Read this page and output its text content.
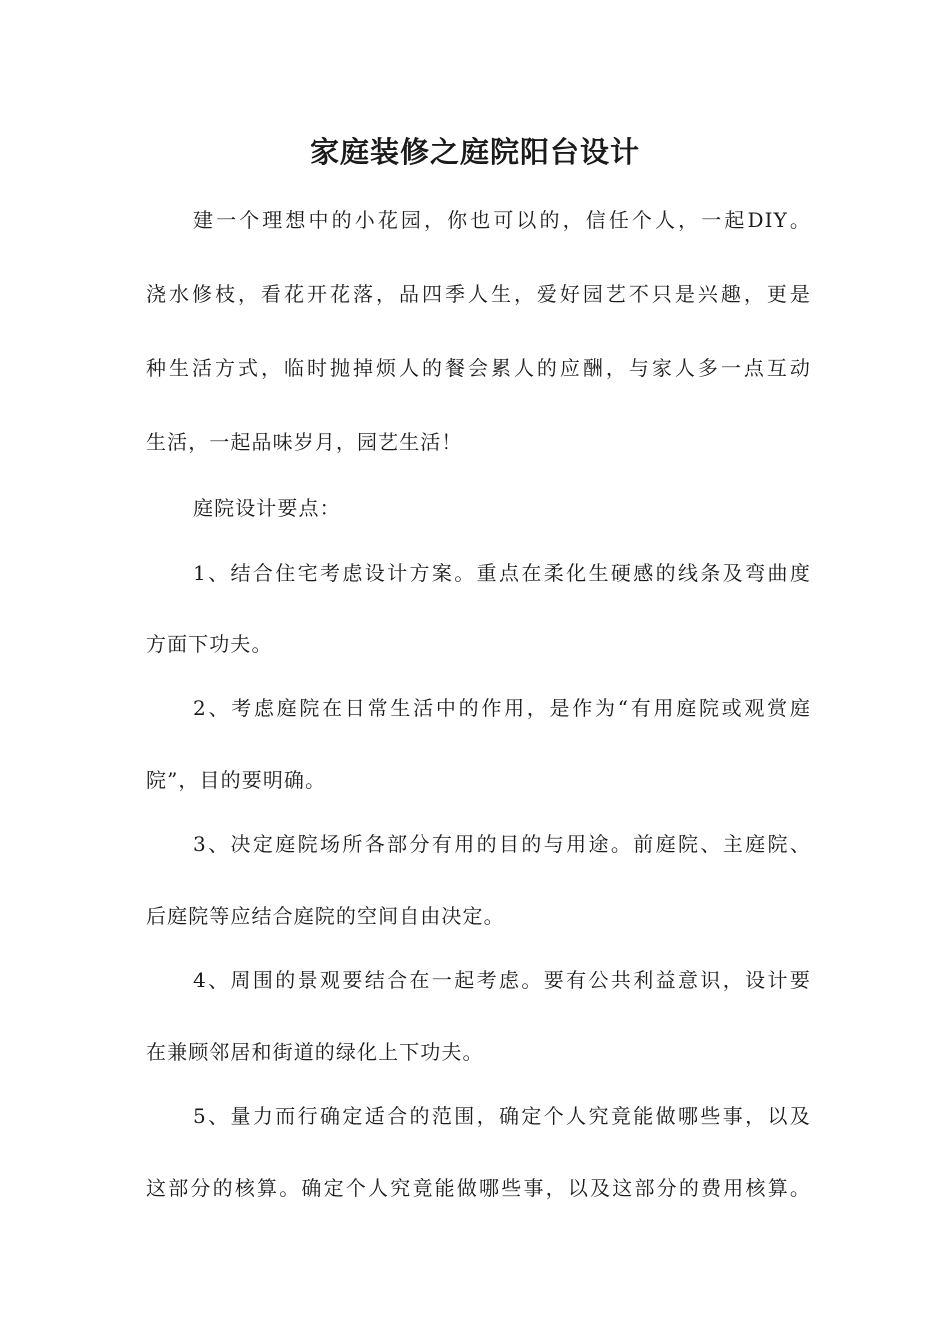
家庭装修之庭院阳台设计

建一个理想中的小花园，你也可以的，信任个人，一起DIY。

浇水修枝，看花开花落，品四季人生，爱好园艺不只是兴趣，更是

种生活方式，临时抛掉烦人的餐会累人的应酬，与家人多一点互动

生活，一起品味岁月，园艺生活！

庭院设计要点：

1、结合住宅考虑设计方案。重点在柔化生硬感的线条及弯曲度

方面下功夫。

2、考虑庭院在日常生活中的作用，是作为“有用庭院或观赏庭

院”，目的要明确。

3、决定庭院场所各部分有用的目的与用途。前庭院、主庭院、

后庭院等应结合庭院的空间自由决定。

4、周围的景观要结合在一起考虑。要有公共利益意识，设计要

在兼顾邻居和街道的绿化上下功夫。

5、量力而行确定适合的范围，确定个人究竟能做哪些事，以及

这部分的核算。确定个人究竟能做哪些事，以及这部分的费用核算。
